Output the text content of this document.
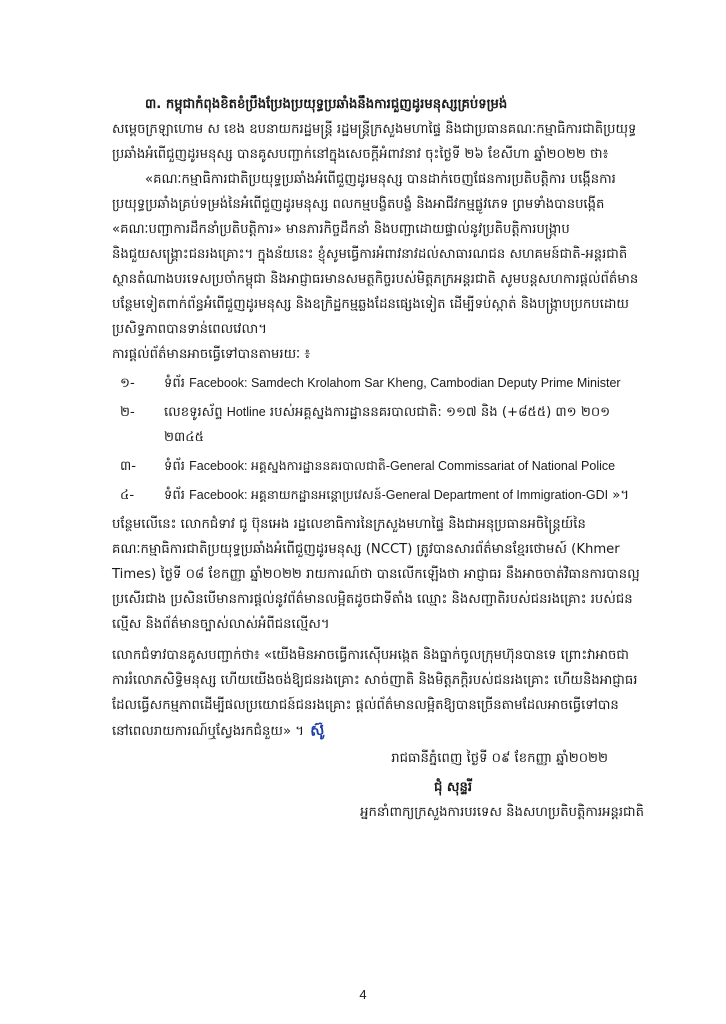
៣. កម្ពុជាកំពុងខិតខំប្រឹងប្រែងប្រយុទ្ធប្រឆាំងនឹងការជួញដូរមនុស្សគ្រប់ទម្រង់

សម្ដេចក្រឡាហោម ស ខេង ឧបនាយករដ្ឋមន្ត្រី រដ្ឋមន្ត្រីក្រសួងមហាផ្ទៃ និងជាប្រធានគណៈកម្មាធិការជាតិប្រយុទ្ធប្រឆាំងអំពើជួញដូរមនុស្ស បានគូសបញ្ជាក់នៅក្នុងសេចក្ដីអំពាវនាវ ចុះថ្ងៃទី ២៦ ខែសីហា ឆ្នាំ២០២២ ថា៖

«គណៈកម្មាធិការជាតិប្រយុទ្ធប្រឆាំងអំពើជួញដូរមនុស្ស បានដាក់ចេញផែនការប្រតិបត្តិការ បង្កើនការប្រយុទ្ធប្រឆាំងគ្រប់ទម្រង់នៃអំពើជួញដូរមនុស្ស ពលកម្មបង្ខិតបង្ខំ និងអាជីវកម្មផ្លូវភេទ ព្រមទាំងបានបង្កើត «គណៈបញ្ជាការដឹកនាំប្រតិបត្តិការ» មានភារកិច្ចដឹកនាំ និងបញ្ជាដោយផ្ទាល់នូវប្រតិបត្តិការបង្ក្រាប និងជួយសង្គ្រោះជនរងគ្រោះ។ ក្នុងន័យនេះ ខ្ញុំសូមធ្វើការអំពាវនាវដល់សាធារណជន សហគមន៍ជាតិ-អន្តរជាតិ ស្ថានតំណាងបរទេសប្រចាំកម្ពុជា និងអាជ្ញាធរមានសមត្ថកិច្ចរបស់មិត្តភក្រអន្តរជាតិ សូមបន្តសហការផ្ដល់ព័ត៌មានបន្ថែមទៀតពាក់ព័ន្ធអំពើជួញដូរមនុស្ស និងឧក្រិដ្ឋកម្មឆ្លងដែនផ្សេងទៀត ដើម្បីទប់ស្កាត់ និងបង្ក្រាបប្រកបដោយប្រសិទ្ធភាពបានទាន់ពេលវេលា។

ការផ្ដល់ព័ត៌មានអាចធ្វើទៅបានតាមរយៈ ៖

១-	ទំព័រ Facebook: Samdech Krolahom Sar Kheng, Cambodian Deputy Prime Minister
២-	លេខទូរស័ព្ទ Hotline របស់អគ្គស្នងការដ្ឋាននគរបាលជាតិ: ១១៧ និង (+៨៥៥) ៣១ ២០១ ២៣៤៥
៣-	ទំព័រ Facebook: អគ្គស្នងការដ្ឋាននគរបាលជាតិ-General Commissariat of National Police
៤-	ទំព័រ Facebook: អគ្គនាយកដ្ឋានអន្តោប្រវេសន៍-General Department of Immigration-GDI »។

បន្ថែមលើនេះ លោកជំទាវ ជូ ប៊ុនអេង រដ្ឋលេខាធិការនៃក្រសួងមហាផ្ទៃ និងជាអនុប្រធានអចិន្ត្រៃយ៍នៃគណៈកម្មាធិការជាតិប្រយុទ្ធប្រឆាំងអំពើជួញដូរមនុស្ស (NCCT) ត្រូវបានសារព័ត៌មានខ្មែរថោមស៍ (Khmer Times) ថ្ងៃទី ០៨ ខែកញ្ញា ឆ្នាំ២០២២ រាយការណ៍ថា បានលើកឡើងថា អាជ្ញាធរ នឹងអាចចាត់វិធានការបានល្អប្រសើរជាង ប្រសិនបើមានការផ្ដល់នូវព័ត៌មានលម្អិតដូចជាទីតាំង ឈ្មោះ និងសញ្ជាតិរបស់ជនរងគ្រោះ របស់ជនល្មើស និងព័ត៌មានច្បាស់លាស់អំពីជនល្មើស។

លោកជំទាវបានគូសបញ្ជាក់ថា៖ «យើងមិនអាចធ្វើការស៊ើបអង្កេត និងធ្នាក់ចូលក្រុមហ៊ុនបានទេ ព្រោះវាអាចជាការរំលោភសិទ្ធិមនុស្ស ហើយយើងចង់ឱ្យជនរងគ្រោះ សាច់ញាតិ និងមិត្តភក្តិរបស់ជនរងគ្រោះ ហើយនិងអាជ្ញាធរដែលធ្វើសកម្មភាពដើម្បីផលប្រយោជន៍ជនរងគ្រោះ ផ្ដល់ព័ត៌មានលម្អិតឱ្យបានច្រើនតាមដែលអាចធ្វើទៅបាន នៅពេលរាយការណ៍ឬស្វែងរកជំនួយ» ។ ស៊ូ

រាជធានីភ្នំពេញ ថ្ងៃទី ០៩ ខែកញ្ញា ឆ្នាំ២០២២

ជុំ សុន្ទរី

អ្នកនាំពាក្យក្រសួងការបរទេស និងសហប្រតិបត្តិការអន្តរជាតិ

4
